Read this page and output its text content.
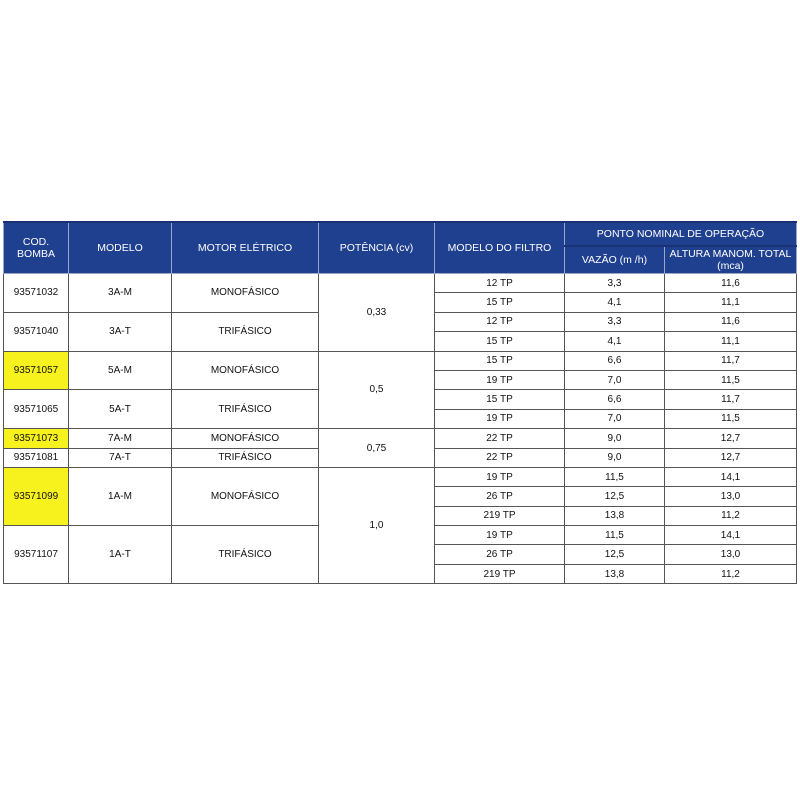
COD. BOMBA	MODELO	MOTOR ELÉTRICO	POTÊNCIA (cv)	MODELO DO FILTRO	PONTO NOMINAL DE OPERAÇÃO	
					VAZÃO (m /h)	ALTURA MANOM. TOTAL (mca)
93571032	3A-M	MONOFÁSICO	0,33	12 TP	3,3	11,6
				15 TP	4,1	11,1
93571040	3A-T	TRIFÁSICO		12 TP	3,3	11,6
				15 TP	4,1	11,1
93571057	5A-M	MONOFÁSICO	0,5	15 TP	6,6	11,7
				19 TP	7,0	11,5
93571065	5A-T	TRIFÁSICO		15 TP	6,6	11,7
				19 TP	7,0	11,5
93571073	7A-M	MONOFÁSICO	0,75	22 TP	9,0	12,7
93571081	7A-T	TRIFÁSICO		22 TP	9,0	12,7
93571099	1A-M	MONOFÁSICO	1,0	19 TP	11,5	14,1
				26 TP	12,5	13,0
				219 TP	13,8	11,2
93571107	1A-T	TRIFÁSICO		19 TP	11,5	14,1
				26 TP	12,5	13,0
				219 TP	13,8	11,2
